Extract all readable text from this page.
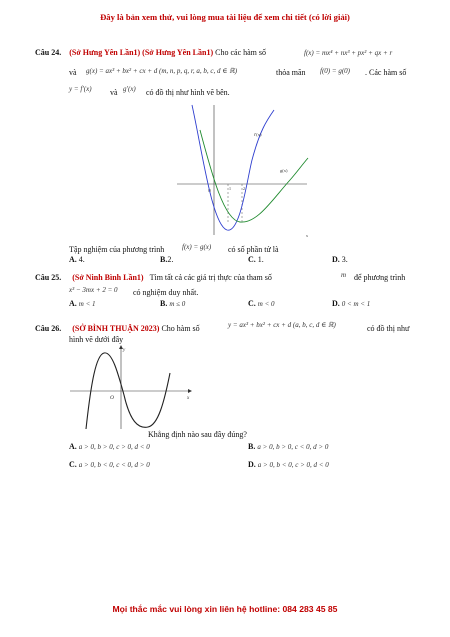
Đây là bản xem thử, vui lòng mua tài liệu để xem chi tiết (có lời giải)
Câu 24. (Sở Hưng Yên Lần1) (Sở Hưng Yên Lần1) Cho các hàm số	f(x) = mx⁴ + nx³ + px² + qx + r
và g(x) = ax³ + bx² + cx + d (m, n, p, q, r, a, b, c, d ∈ ℝ)	thỏa mãn f(0) = g(0) . Các hàm số
y = f'(x) và g'(x) có đồ thị như hình vẽ bên.
f'(x)
g(x)
x
O	1	2
Tập nghiệm của phương trình	f(x) = g(x) có số phần tử là
A. 4.	B.2.	C. 1.	D. 3.
Câu 25. (Sở Ninh Bình Lần1) Tìm tất cả các giá trị thực của tham số	m để phương trình
x³ − 3mx + 2 = 0 có nghiệm duy nhất.
A. m < 1	B. m ≤ 0	C. m < 0	D. 0 < m < 1
Câu 26. (SỞ BÌNH THUẬN 2023) Cho hàm số	y = ax³ + bx² + cx + d (a, b, c, d ∈ ℝ)	có đồ thị như
hình vẽ dưới đây
y
x
O
Khẳng định nào sau đây đúng?
A. a > 0, b > 0, c > 0, d < 0	B. a > 0, b > 0, c < 0, d > 0
C. a > 0, b < 0, c < 0, d > 0	D. a > 0, b < 0, c > 0, d < 0
Mọi thắc mắc vui lòng xin liên hệ hotline: 084 283 45 85
